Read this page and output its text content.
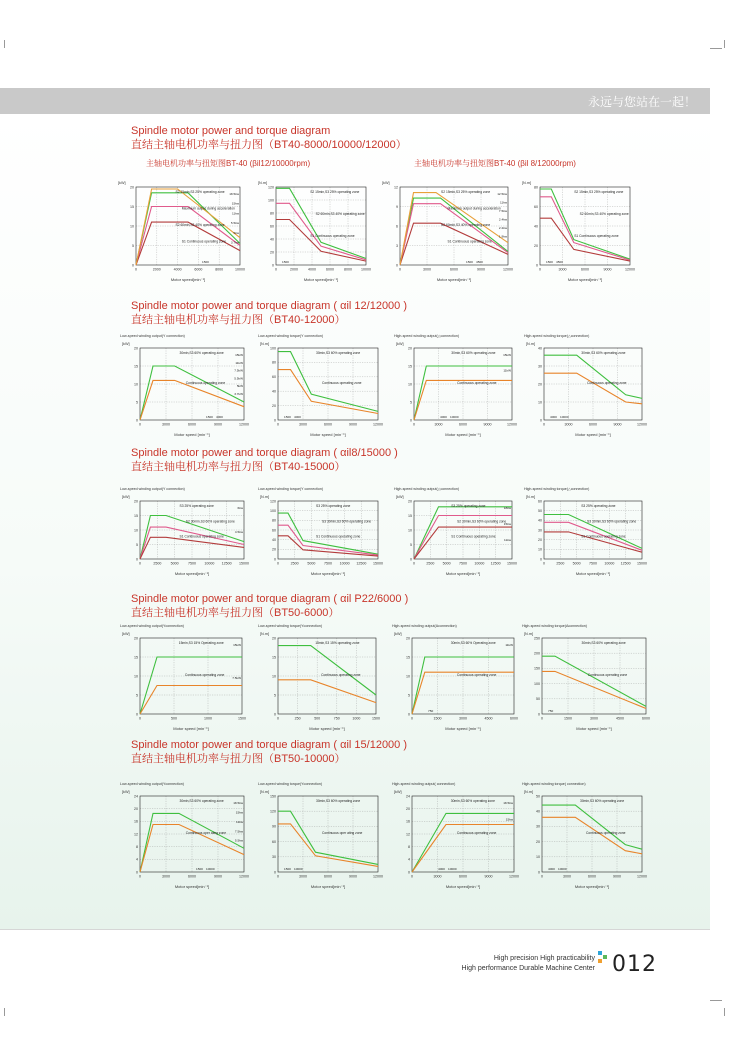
永远与您站在一起！
Spindle motor power and torque diagram
直结主轴电机功率与扭力图（BT40-8000/10000/12000）
主轴电机功率与扭矩图BT-40 (βil12/10000rpm)	主轴电机功率与扭矩图BT-40 (βil 8/12000rpm)
Spindle motor power and torque diagram ( αil 12/12000 )
直结主轴电机功率与扭力图（BT40-12000）
Spindle motor power and torque diagram ( αil8/15000 )
直结主轴电机功率与扭力图（BT40-15000）
Spindle motor power and torque diagram ( αil P22/6000 )
直结主轴电机功率与扭力图（BT50-6000）
Spindle motor power and torque diagram ( αil 15/12000 )
直结主轴电机功率与扭力图（BT50-10000）
[kW]
0	2000	4000	6000	8000	10000
0
5
10
15
20
Motor speed[min⁻¹]
S2 15min,S3 25% operating zone
Maximum output during acceleration
S2 60min,S3 40% operating zone
S1 Continuous operating zone
18.5kw
15kw
11kw
5.5kw
5kw
3.7kw
1500
[N.m]
0	2000	4000	6000	8000	10000
0
20
40
60
80
100
120
Motor speed[min⁻¹]
S2 15min,S3 25% operating zone
S2 60min,S3 40% operating zone
S1 Continuous operating zone
1500
[kW]
0	3000	6000	9000	12000
0
3
6
9
12
Motor speed[min⁻¹]
S2 15min,S3 25% operating zone
Maximum output during acceleration
S2 60min,S3 40% operating zone
S1 Continuous operating zone
12.5kw
11kw
7.5kw
2.4kw
2.2kw
1.9kw
1500 4500
[N.m]
0	3000	6000	9000	12000
0
20
40
60
80
Motor speed[min⁻¹]
S2 15min,S3 25% operating zone
S2 60min,S3 40% operating zone
S1 Continuous operating zone
1500 4500
Low-speed winding output(Y connection)
[kW]
0	3000	6000	9000	12000
0
5
10
15
20
Motor speed [min⁻¹]
30min,S3 60% operating zone
Continuous operating zone
15kW
11kW
7.5kW
5.5kW
5kW
3.7kW
1500 4000
Low-speed winding torque(Y connection)
[N.m]
0	3000	6000	9000	12000
0
20
40
60
80
100
Motor speed [min⁻¹]
30min,S3 60% operating zone
Continuous operating zone
1500 4000
High-speed winding output(△connection)
[kW]
0	3000	6000	9000	12000
0
5
10
15
20
Motor speed [min⁻¹]
30min,S3 60% operating zone
Continuous operating zone
15kW
11kW
4000 10000
High-speed winding torque(△connection)
[N.m]
0	3000	6000	9000	12000
0
10
20
30
40
Motor speed [min⁻¹]
30min,S3 60% operating zone
Continuous operating zone
4000 10000
Low-speed winding output(Y connection)
[kW]
0	2500	5000	7500 10000 12500 15000
0
5
10
15
20
Motor speed[min⁻¹]
S3 25% operating zone
S2 30min,S3 60% operating zone
S1 Continuous operating zone
6kw
4.5kw
Low-speed winding torque(Y connection)
[N.m]
0	2500 5000 7500 10000 12500 15000
0
20
40
60
80
100
120
Motor speed[min⁻¹]
S3 25% operating zone
S3 30min,S3 60% operating zone
S1 Continuous operating zone
High-speed winding output(△connection)
[kW]
0	2500 5000 7500 10000 12500 15000
0
5
10
15
20
Motor speed[min⁻¹]
S3 25% operating zone
S2 30min,S3 60% operating zone
S1 Continuous operating zone
18kw
15kw
11kw
High-speed winding torque(△connection)
[N.m]
0	2500 5000 7500 10000 12500 15000
0
10
20
30
40
50
60
Motor speed[min⁻¹]
S3 25% operating zone
S3 30min,S3 60% operating zone
S1 Continuous operating zone
Low-speed winding output(Yconnection)
[kW]
0	500	1000	1500
0
5
10
15
20
Motor speed [min⁻¹]
15min,S3 15% Operating zone
Continuous operating zone
15kW
7.5kW
Low-speed winding torque(Yconnection)
[N.m]
0	250	500	750	1000	1500
0
5
10
15
20
Motor speed [min⁻¹]
15min,S3 15% operating zone
Continuous operating zone
High-speed winding output(Aconnection)
[kW]
0	1500	3000	4500	6000
0
5
10
15
20
Motor speed [min⁻¹]
30min,S3 60% Operating zone
Continuous operating zone
11kW
750
High-speed winding torque(Aconnection)
[N.m]
0	1500	3000	4500	6000
0
50
100
150
200
250
Motor speed [min⁻¹]
30min,S3 60% operating zone
Continuous operating zone
750
Low-speed winding output(Yconnection)
[kW]
0	3000	6000	9000	12000
0
4
8
12
16
20
24
Motor speed[min⁻¹]
30min,S3 60% operating zone
Continuous oper ating zone
18.5kw
15kw
11kw
7.5kw
5.5kw
1500 10000
Low-speed winding torque(Yconnection)
[N.m]
0	3000	6000	9000	12000
0
30
60
90
120
150
Motor speed[min⁻¹]
30min,S3 60% operating zone
Continuous oper ating zone
1500 10000
High-speed winding output( connection)
[kW]
0	3000	6000	9000	12000
0
4
8
12
16
20
24
Motor speed[min⁻¹]
30min,S3 60% operating zone
Continuous operating zone
18.5kw
15kw
4000 10000
High-speed winding torque( connection)
[N.m]
0	3000	6000	9000	12000
0
10
20
30
40
50
Motor speed[min⁻¹]
30min,S3 60% operating zone
Continuous operating zone
4000 10000
High precision High practicability
High performance Durable Machine Center 012
